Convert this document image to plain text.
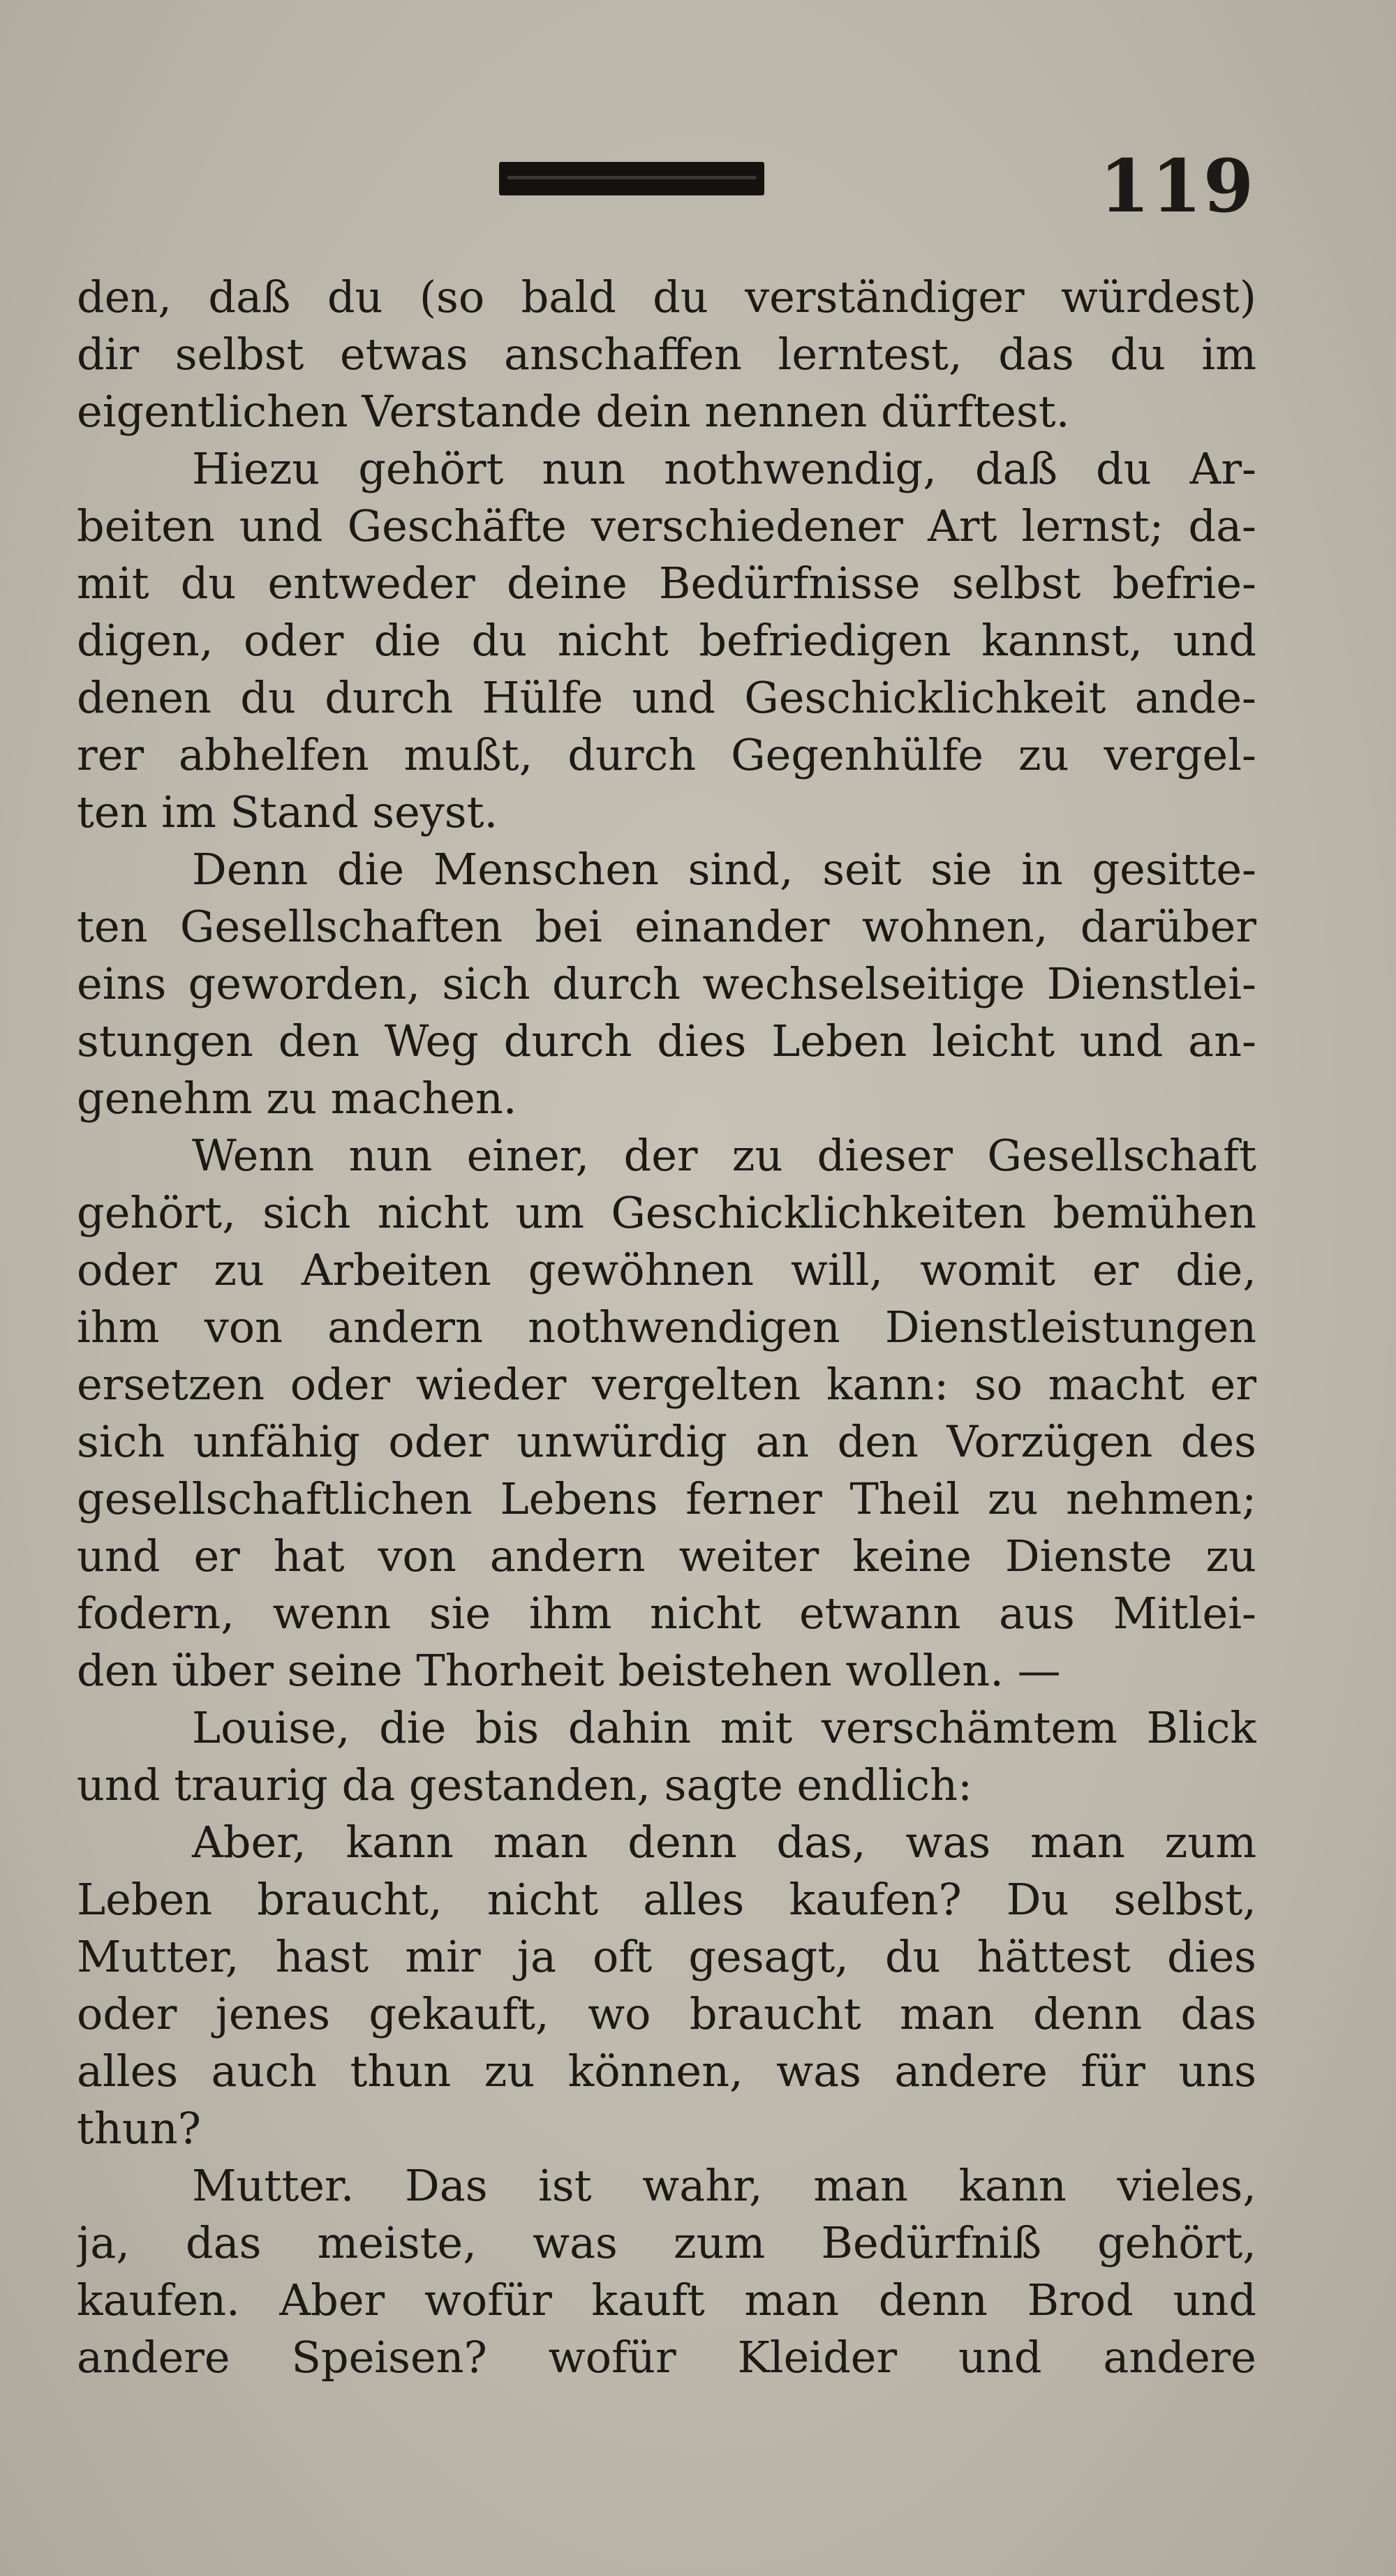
119
den, daß du (so bald du verständiger würdest)
dir selbst etwas anschaffen lerntest, das du im
eigentlichen Verstande dein nennen dürftest.
Hiezu gehört nun nothwendig, daß du Ar-
beiten und Geschäfte verschiedener Art lernst; da-
mit du entweder deine Bedürfnisse selbst befrie-
digen, oder die du nicht befriedigen kannst, und
denen du durch Hülfe und Geschicklichkeit ande-
rer abhelfen mußt, durch Gegenhülfe zu vergel-
ten im Stand seyst.
Denn die Menschen sind, seit sie in gesitte-
ten Gesellschaften bei einander wohnen, darüber
eins geworden, sich durch wechselseitige Dienstlei-
stungen den Weg durch dies Leben leicht und an-
genehm zu machen.
Wenn nun einer, der zu dieser Gesellschaft
gehört, sich nicht um Geschicklichkeiten bemühen
oder zu Arbeiten gewöhnen will, womit er die,
ihm von andern nothwendigen Dienstleistungen
ersetzen oder wieder vergelten kann: so macht er
sich unfähig oder unwürdig an den Vorzügen des
gesellschaftlichen Lebens ferner Theil zu nehmen;
und er hat von andern weiter keine Dienste zu
fodern, wenn sie ihm nicht etwann aus Mitlei-
den über seine Thorheit beistehen wollen. —
Louise, die bis dahin mit verschämtem Blick
und traurig da gestanden, sagte endlich:
Aber, kann man denn das, was man zum
Leben braucht, nicht alles kaufen? Du selbst,
Mutter, hast mir ja oft gesagt, du hättest dies
oder jenes gekauft, wo braucht man denn das
alles auch thun zu können, was andere für uns
thun?
Mutter. Das ist wahr, man kann vieles,
ja, das meiste, was zum Bedürfniß gehört,
kaufen. Aber wofür kauft man denn Brod und
andere Speisen? wofür Kleider und andere
